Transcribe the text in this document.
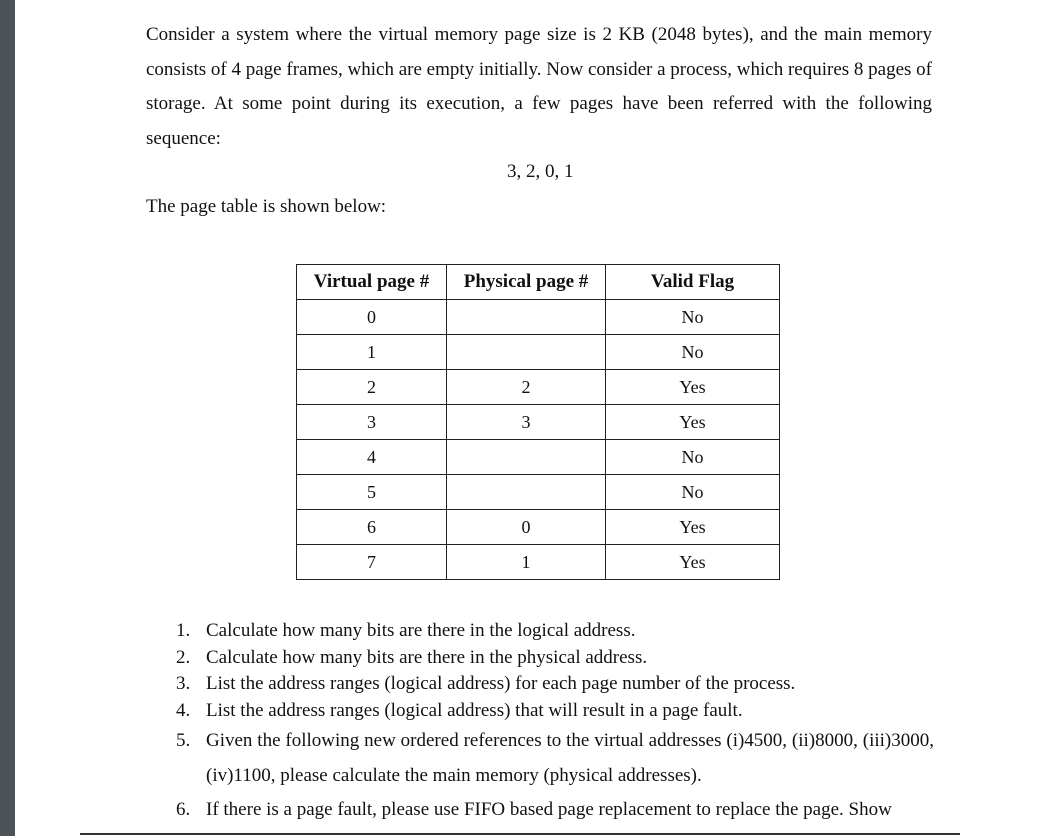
Consider a system where the virtual memory page size is 2 KB (2048 bytes), and the main memory consists of 4 page frames, which are empty initially. Now consider a process, which requires 8 pages of storage. At some point during its execution, a few pages have been referred with the following sequence:

3, 2, 0, 1
The page table is shown below:
Virtual page #	Physical page #	Valid Flag
0		No
1		No
2	2	Yes
3	3	Yes
4		No
5		No
6	0	Yes
7	1	Yes
1. Calculate how many bits are there in the logical address.
2. Calculate how many bits are there in the physical address.
3. List the address ranges (logical address) for each page number of the process.
4. List the address ranges (logical address) that will result in a page fault.
5. Given the following new ordered references to the virtual addresses (i)4500, (ii)8000, (iii)3000, (iv)1100, please calculate the main memory (physical addresses).
6. If there is a page fault, please use FIFO based page replacement to replace the page. Show
